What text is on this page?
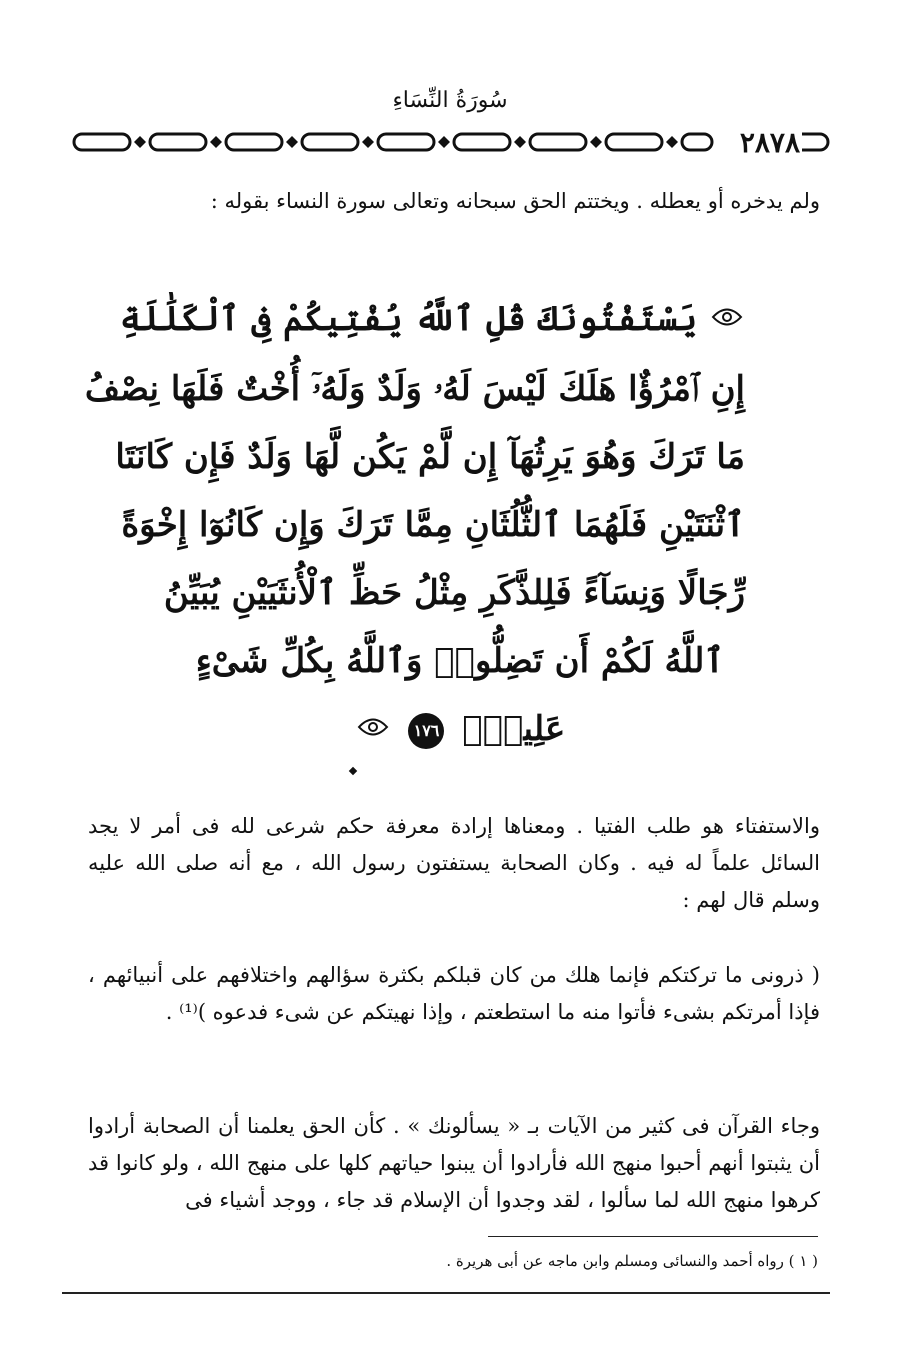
سُورَةُ النِّسَاءِ
٢٨٧٨
ولم يدخره أو يعطله . ويختتم الحق سبحانه وتعالى سورة النساء بقوله :
يَسْتَفْتُونَكَ قُلِ ٱللَّهُ يُفْتِيكُمْ فِى ٱلْكَلَٰلَةِ
إِنِ ٱمْرُؤٌا هَلَكَ لَيْسَ لَهُۥ وَلَدٌ وَلَهُۥٓ أُخْتٌ فَلَهَا نِصْفُ
مَا تَرَكَ وَهُوَ يَرِثُهَآ إِن لَّمْ يَكُن لَّهَا وَلَدٌ فَإِن كَانَتَا
ٱثْنَتَيْنِ فَلَهُمَا ٱلثُّلُثَانِ مِمَّا تَرَكَ وَإِن كَانُوٓا إِخْوَةً
رِّجَالًا وَنِسَآءً فَلِلذَّكَرِ مِثْلُ حَظِّ ٱلْأُنثَيَيْنِ يُبَيِّنُ
ٱللَّهُ لَكُمْ أَن تَضِلُّوا۟ وَٱللَّهُ بِكُلِّ شَىْءٍ
عَلِيمٌۢ ١٧٦
والاستفتاء هو طلب الفتيا . ومعناها إرادة معرفة حكم شرعى لله فى أمر لا يجد السائل علماً له فيه . وكان الصحابة يستفتون رسول الله ، مع أنه صلى الله عليه وسلم قال لهم :
( ذرونى ما تركتكم فإنما هلك من كان قبلكم بكثرة سؤالهم واختلافهم على أنبيائهم ، فإذا أمرتكم بشىء فأتوا منه ما استطعتم ، وإذا نهيتكم عن شىء فدعوه )⁽¹⁾ .
وجاء القرآن فى كثير من الآيات بـ « يسألونك » . كأن الحق يعلمنا أن الصحابة أرادوا أن يثبتوا أنهم أحبوا منهج الله فأرادوا أن يبنوا حياتهم كلها على منهج الله ، ولو كانوا قد كرهوا منهج الله لما سألوا ، لقد وجدوا أن الإسلام قد جاء ، ووجد أشياء فى
( ١ ) رواه أحمد والنسائى ومسلم وابن ماجه عن أبى هريرة .
